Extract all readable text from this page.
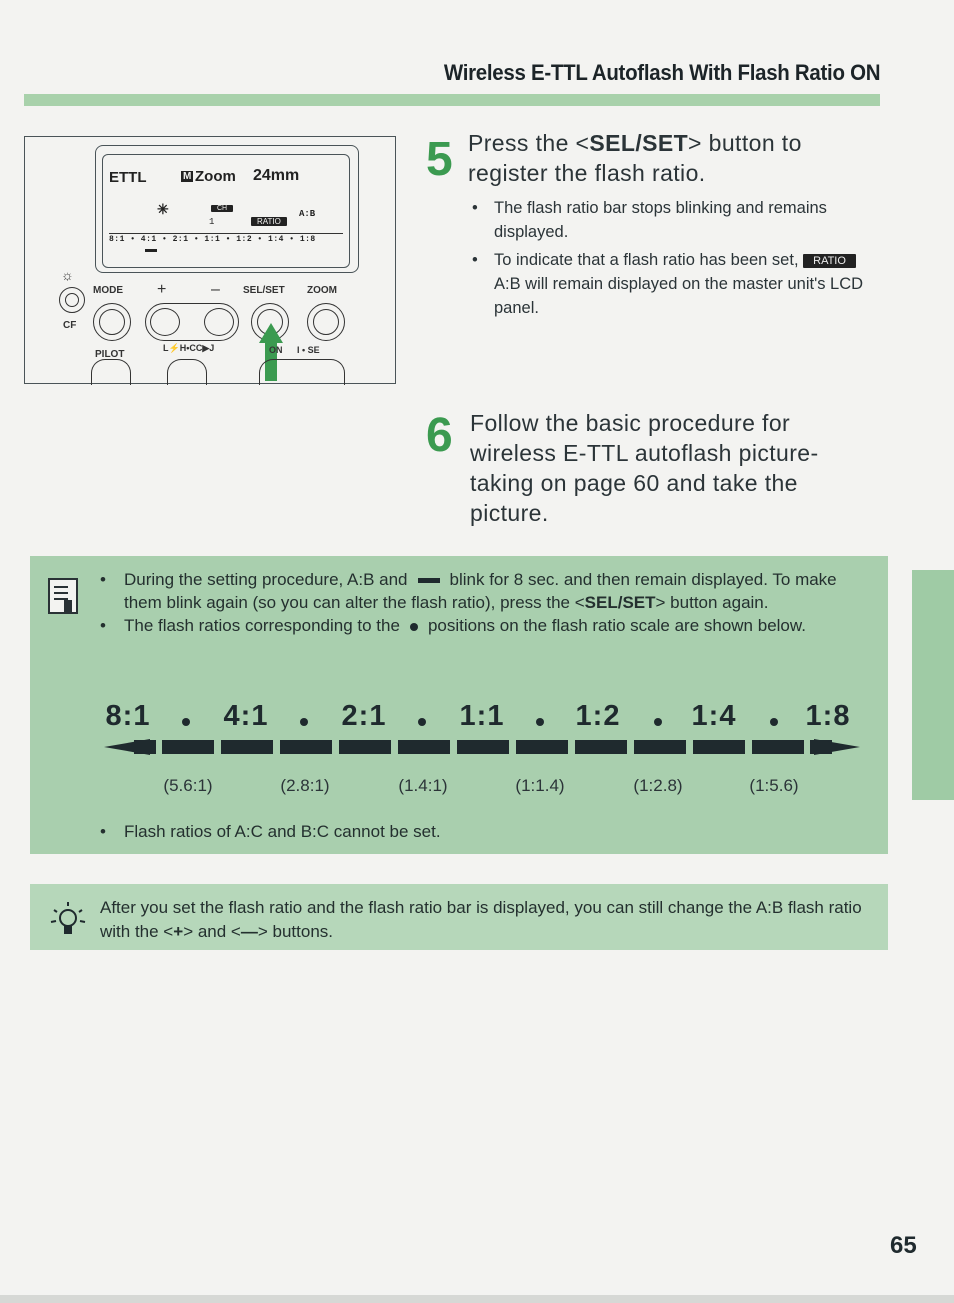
Wireless E-TTL Autoflash With Flash Ratio ON
ETTL	M Zoom 24mm
✳	CH
1	RATIO
A:B
8:1 • 4:1 • 2:1 • 1:1 • 1:2 • 1:4 • 1:8
☼
CF
MODE +	– SEL/SET ZOOM
PILOT
L⚡H•CC▶J	ON I • SE
5 Press the <SEL/SET> button to register the flash ratio.
• The flash ratio bar stops blinking and remains displayed.
• To indicate that a flash ratio has been set, RATIO A:B will remain displayed on the master unit's LCD panel.
6 Follow the basic procedure for wireless E-TTL autoflash picture-taking on page 60 and take the picture.
• During the setting procedure, A:B and blink for 8 sec. and then remain displayed. To make them blink again (so you can alter the flash ratio), press the <SEL/SET> button again.
• The flash ratios corresponding to the positions on the flash ratio scale are shown below.
8:1	4:1	2:1	1:1 1:2 1:4 1:8
(5.6:1)	(2.8:1)	(1.4:1)	(1:1.4)	(1:2.8)	(1:5.6)
• Flash ratios of A:C and B:C cannot be set.
After you set the flash ratio and the flash ratio bar is displayed, you can still change the A:B flash ratio with the <+> and <—> buttons.
65
